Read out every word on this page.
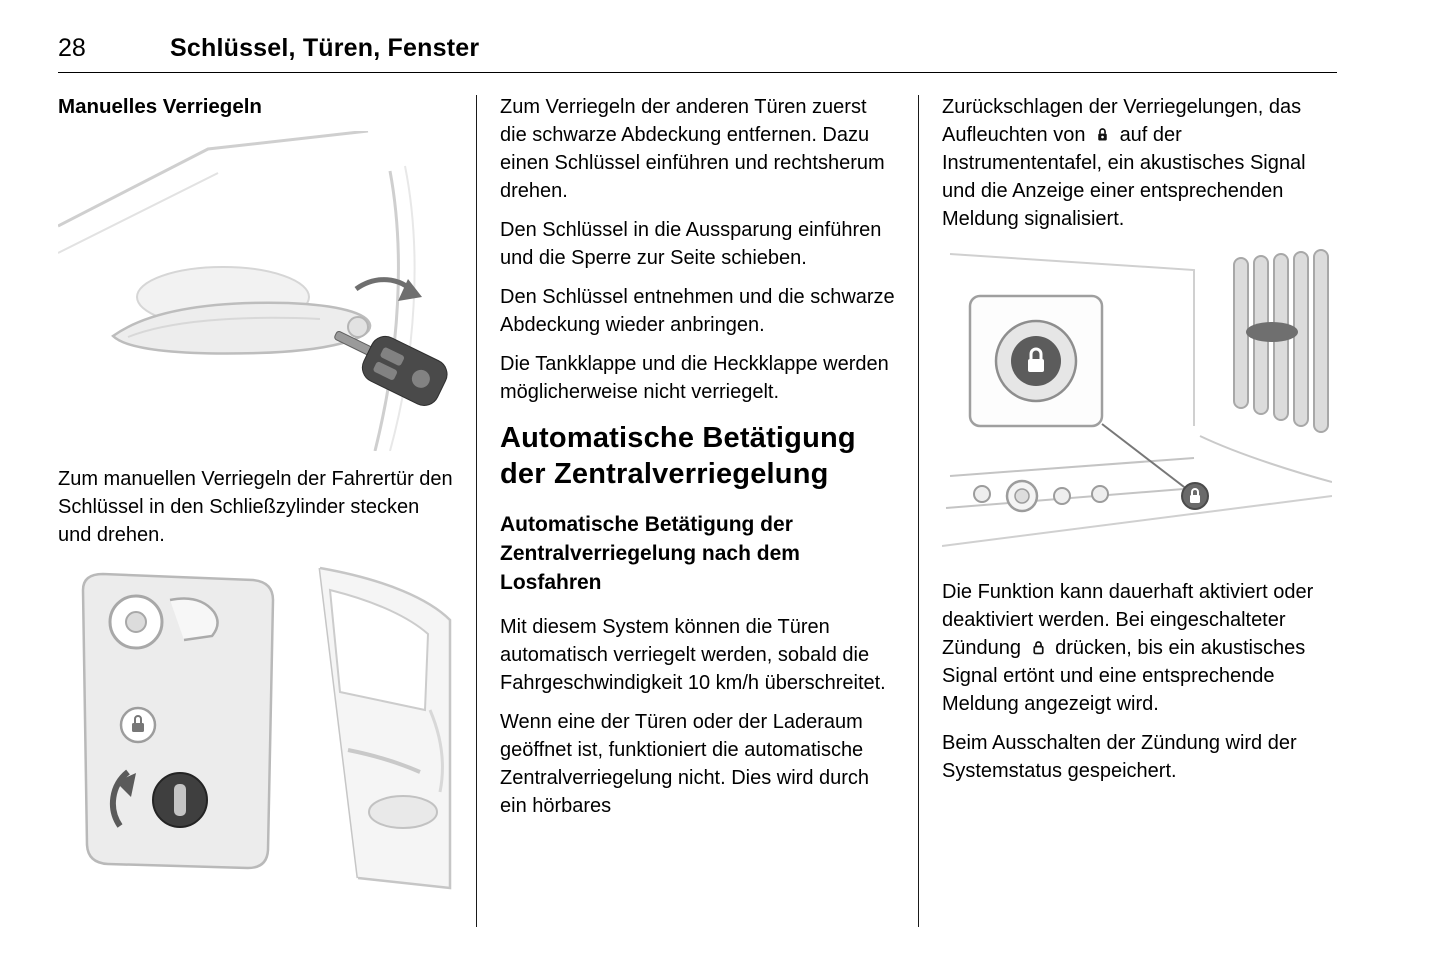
28	Schlüssel, Türen, Fenster
Manuelles Verriegeln

Zum manuellen Verriegeln der Fahrertür den Schlüssel in den Schließzylinder stecken und drehen.

Zum Verriegeln der anderen Türen zuerst die schwarze Abdeckung entfernen. Dazu einen Schlüssel einführen und rechtsherum drehen.

Den Schlüssel in die Aussparung einführen und die Sperre zur Seite schieben.

Den Schlüssel entnehmen und die schwarze Abdeckung wieder anbringen.

Die Tankklappe und die Heckklappe werden möglicherweise nicht verriegelt.

Automatische Betätigung der Zentralverriegelung
Automatische Betätigung der Zentralverriegelung nach dem Losfahren

Mit diesem System können die Türen automatisch verriegelt werden, sobald die Fahrgeschwindigkeit 10 km/h überschreitet.

Wenn eine der Türen oder der Laderaum geöffnet ist, funktioniert die automatische Zentralverriegelung nicht. Dies wird durch ein hörbares

Zurückschlagen der Verriegelungen, das Aufleuchten von auf der Instrumententafel, ein akustisches Signal und die Anzeige einer entsprechenden Meldung signalisiert.

Die Funktion kann dauerhaft aktiviert oder deaktiviert werden. Bei eingeschalteter Zündung drücken, bis ein akustisches Signal ertönt und eine entsprechende Meldung angezeigt wird.

Beim Ausschalten der Zündung wird der Systemstatus gespeichert.
